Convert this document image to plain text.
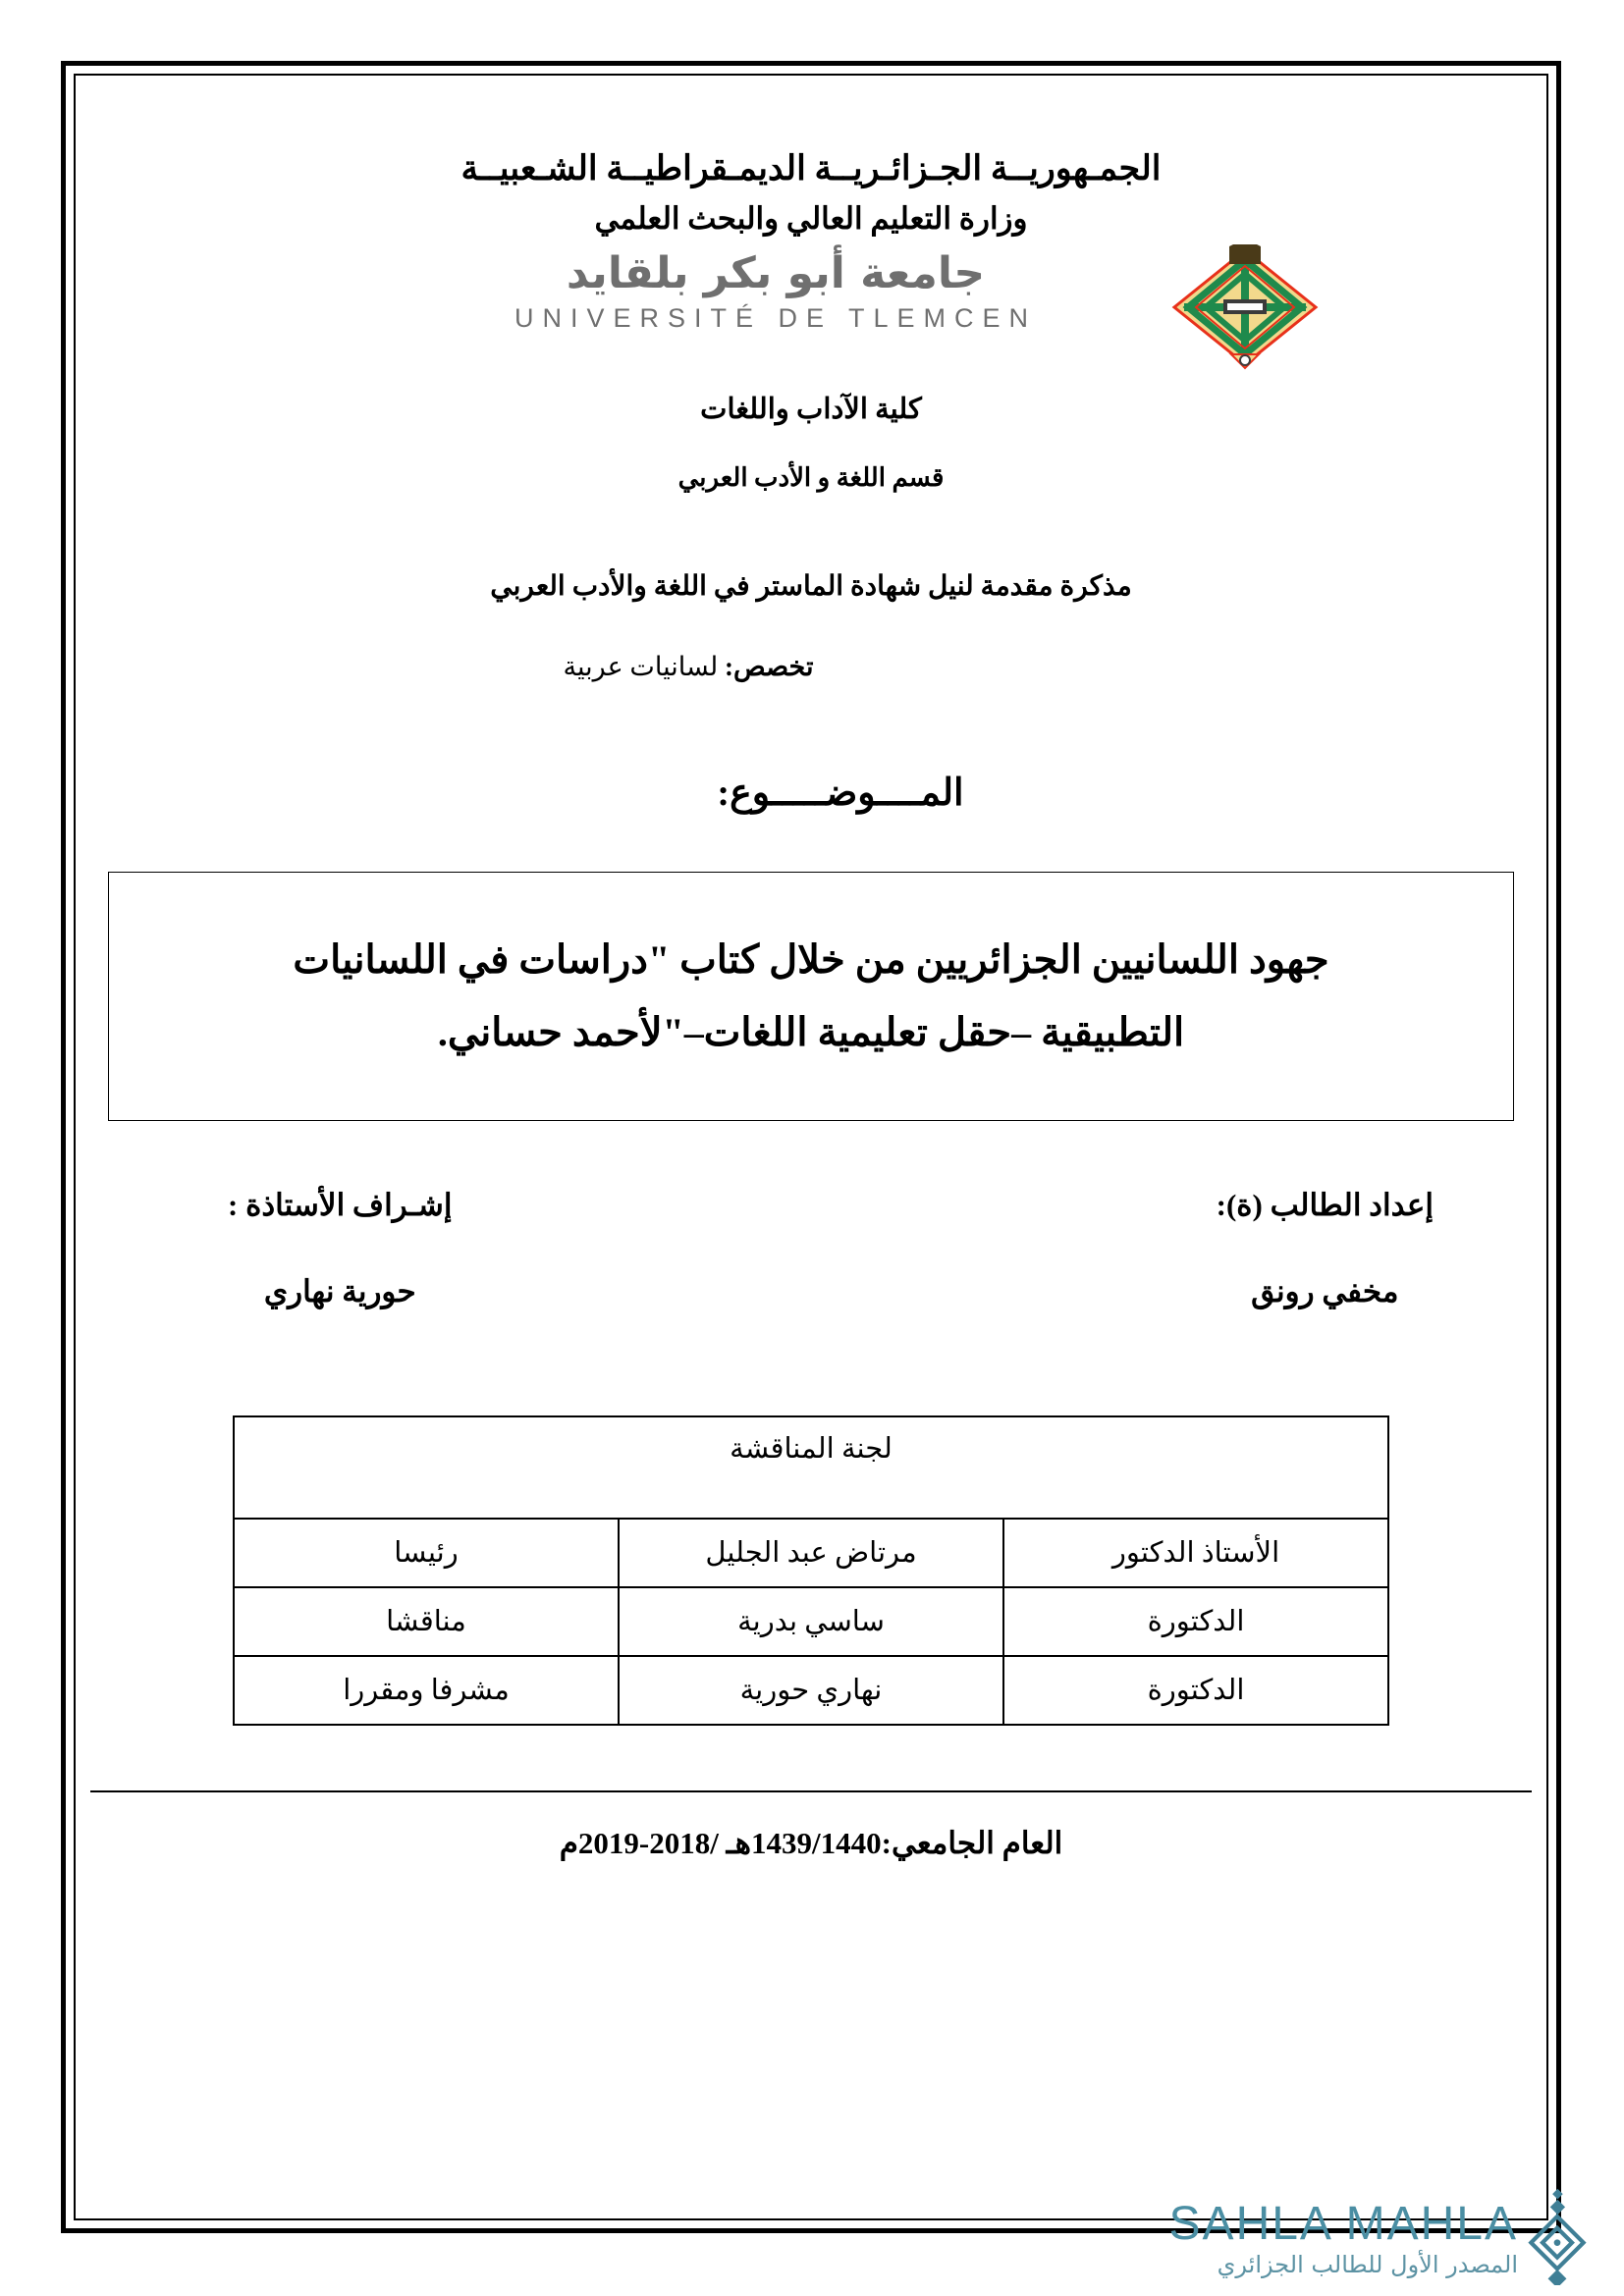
الجمـهوريــة الجـزائـريــة الديمـقراطيــة الشـعبيــة
وزارة التعليم العالي والبحث العلمي
جامعة أبو بكر بلقايد
UNIVERSITÉ DE TLEMCEN
كلية الآداب واللغات
قسم اللغة و الأدب العربي
مذكرة مقدمة لنيل شهادة الماستر في اللغة والأدب العربي
تخصص: لسانيات عربية
المــــوضـــــوع:
جهود اللسانيين الجزائريين من خلال كتاب "دراسات في اللسانيات
التطبيقية –حقل تعليمية اللغات–"لأحمد حساني.
إعداد الطالب (ة):
مخفي رونق
إشـراف الأستاذة :
حورية نهاري
لجنة المناقشة		
الأستاذ الدكتور	مرتاض عبد الجليل	رئيسا
الدكتورة	ساسي بدرية	مناقشا
الدكتورة	نهاري حورية	مشرفا ومقررا
العام الجامعي:1439/1440هـ /2018-2019م
SAHLA MAHLA
المصدر الأول للطالب الجزائري
